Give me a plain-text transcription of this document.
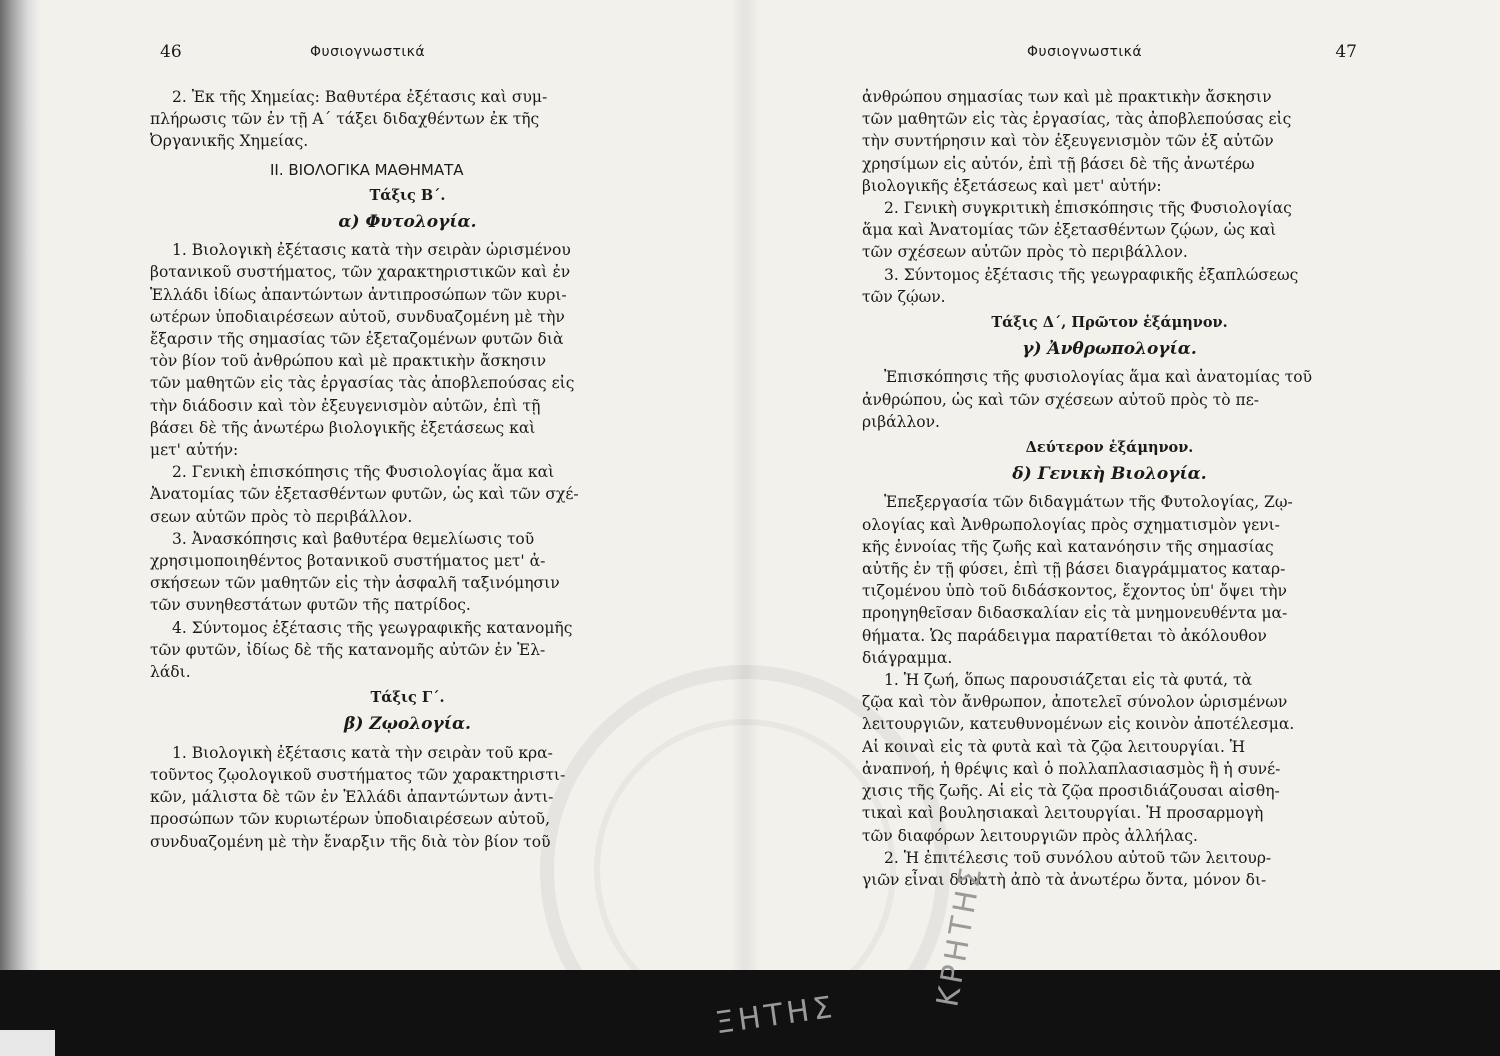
46	Φυσιογνωστικά
2. Ἐκ τῆς Χημείας: Βαθυτέρα ἐξέτασις καὶ συμ-
πλήρωσις τῶν ἐν τῇ Α΄ τάξει διδαχθέντων ἐκ τῆς
Ὀργανικῆς Χημείας.
ΙΙ. ΒΙΟΛΟΓΙΚΑ ΜΑΘΗΜΑΤΑ
Τάξις Β΄.
α) Φυτολογία.
1. Βιολογικὴ ἐξέτασις κατὰ τὴν σειρὰν ὡρισμένου
βοτανικοῦ συστήματος, τῶν χαρακτηριστικῶν καὶ ἐν
Ἑλλάδι ἰδίως ἀπαντώντων ἀντιπροσώπων τῶν κυρι-
ωτέρων ὑποδιαιρέσεων αὐτοῦ, συνδυαζομένη μὲ τὴν
ἔξαρσιν τῆς σημασίας τῶν ἐξεταζομένων φυτῶν διὰ
τὸν βίον τοῦ ἀνθρώπου καὶ μὲ πρακτικὴν ἄσκησιν
τῶν μαθητῶν εἰς τὰς ἐργασίας τὰς ἀποβλεπούσας εἰς
τὴν διάδοσιν καὶ τὸν ἐξευγενισμὸν αὐτῶν, ἐπὶ τῇ
βάσει δὲ τῆς ἀνωτέρω βιολογικῆς ἐξετάσεως καὶ
μετ' αὐτήν:
2. Γενικὴ ἐπισκόπησις τῆς Φυσιολογίας ἅμα καὶ
Ἀνατομίας τῶν ἐξετασθέντων φυτῶν, ὡς καὶ τῶν σχέ-
σεων αὐτῶν πρὸς τὸ περιβάλλον.
3. Ἀνασκόπησις καὶ βαθυτέρα θεμελίωσις τοῦ
χρησιμοποιηθέντος βοτανικοῦ συστήματος μετ' ἀ-
σκήσεων τῶν μαθητῶν εἰς τὴν ἀσφαλῆ ταξινόμησιν
τῶν συνηθεστάτων φυτῶν τῆς πατρίδος.
4. Σύντομος ἐξέτασις τῆς γεωγραφικῆς κατανομῆς
τῶν φυτῶν, ἰδίως δὲ τῆς κατανομῆς αὐτῶν ἐν Ἑλ-
λάδι.
Τάξις Γ΄.
β) Ζῳολογία.
1. Βιολογικὴ ἐξέτασις κατὰ τὴν σειρὰν τοῦ κρα-
τοῦντος ζῳολογικοῦ συστήματος τῶν χαρακτηριστι-
κῶν, μάλιστα δὲ τῶν ἐν Ἑλλάδι ἀπαντώντων ἀντι-
προσώπων τῶν κυριωτέρων ὑποδιαιρέσεων αὐτοῦ,
συνδυαζομένη μὲ τὴν ἔναρξιν τῆς διὰ τὸν βίον τοῦ
Φυσιογνωστικά	47
ἀνθρώπου σημασίας των καὶ μὲ πρακτικὴν ἄσκησιν
τῶν μαθητῶν εἰς τὰς ἐργασίας, τὰς ἀποβλεπούσας εἰς
τὴν συντήρησιν καὶ τὸν ἐξευγενισμὸν τῶν ἐξ αὐτῶν
χρησίμων εἰς αὐτόν, ἐπὶ τῇ βάσει δὲ τῆς ἀνωτέρω
βιολογικῆς ἐξετάσεως καὶ μετ' αὐτήν:
2. Γενικὴ συγκριτικὴ ἐπισκόπησις τῆς Φυσιολογίας
ἅμα καὶ Ἀνατομίας τῶν ἐξετασθέντων ζῴων, ὡς καὶ
τῶν σχέσεων αὐτῶν πρὸς τὸ περιβάλλον.
3. Σύντομος ἐξέτασις τῆς γεωγραφικῆς ἐξαπλώσεως
τῶν ζῴων.
Τάξις Δ΄, Πρῶτον ἑξάμηνον.
γ) Ἀνθρωπολογία.
Ἐπισκόπησις τῆς φυσιολογίας ἅμα καὶ ἀνατομίας τοῦ
ἀνθρώπου, ὡς καὶ τῶν σχέσεων αὐτοῦ πρὸς τὸ πε-
ριβάλλον.
Δεύτερον ἑξάμηνον.
δ) Γενικὴ Βιολογία.
Ἐπεξεργασία τῶν διδαγμάτων τῆς Φυτολογίας, Ζῳ-
ολογίας καὶ Ἀνθρωπολογίας πρὸς σχηματισμὸν γενι-
κῆς ἐννοίας τῆς ζωῆς καὶ κατανόησιν τῆς σημασίας
αὐτῆς ἐν τῇ φύσει, ἐπὶ τῇ βάσει διαγράμματος καταρ-
τιζομένου ὑπὸ τοῦ διδάσκοντος, ἔχοντος ὑπ' ὄψει τὴν
προηγηθεῖσαν διδασκαλίαν εἰς τὰ μνημονευθέντα μα-
θήματα. Ὡς παράδειγμα παρατίθεται τὸ ἀκόλουθον
διάγραμμα.
1. Ἡ ζωή, ὅπως παρουσιάζεται εἰς τὰ φυτά, τὰ
ζῷα καὶ τὸν ἄνθρωπον, ἀποτελεῖ σύνολον ὡρισμένων
λειτουργιῶν, κατευθυνομένων εἰς κοινὸν ἀποτέλεσμα.
Αἱ κοιναὶ εἰς τὰ φυτὰ καὶ τὰ ζῷα λειτουργίαι. Ἡ
ἀναπνοή, ἡ θρέψις καὶ ὁ πολλαπλασιασμὸς ἢ ἡ συνέ-
χισις τῆς ζωῆς. Αἱ εἰς τὰ ζῷα προσιδιάζουσαι αἰσθη-
τικαὶ καὶ βουλησιακαὶ λειτουργίαι. Ἡ προσαρμογὴ
τῶν διαφόρων λειτουργιῶν πρὸς ἀλλήλας.
2. Ἡ ἐπιτέλεσις τοῦ συνόλου αὐτοῦ τῶν λειτουρ-
γιῶν εἶναι δυνατὴ ἀπὸ τὰ ἀνωτέρω ὄντα, μόνον δι-
ΞΗΤΗΣ
ΚΡΗΤΗΣ
